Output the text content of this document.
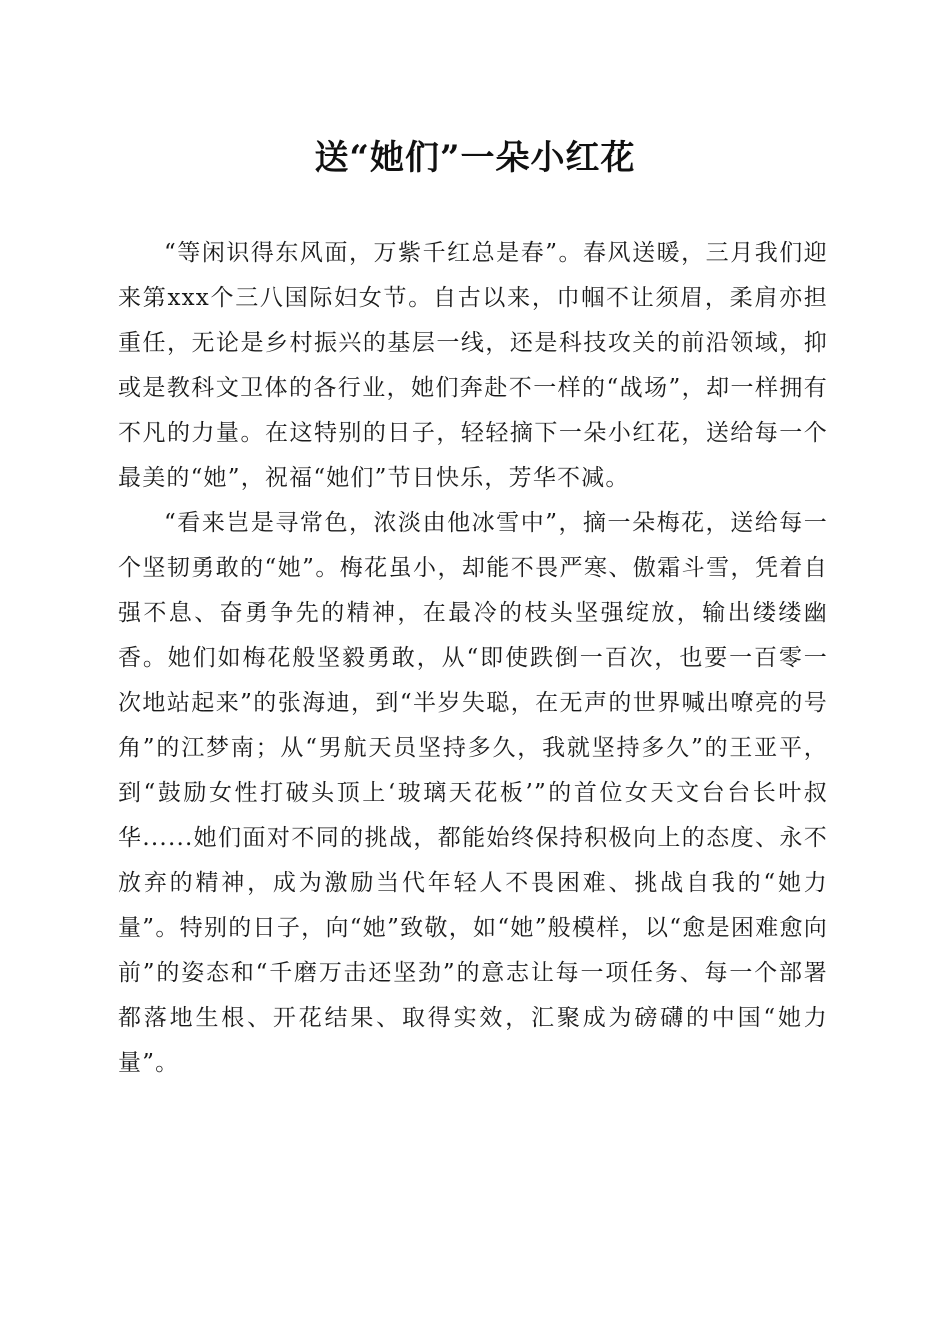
送“她们”一朵小红花

“等闲识得东风面，万紫千红总是春”。春风送暖，三月我们迎来第xxx个三八国际妇女节。自古以来，巾帼不让须眉，柔肩亦担重任，无论是乡村振兴的基层一线，还是科技攻关的前沿领域，抑或是教科文卫体的各行业，她们奔赴不一样的“战场”，却一样拥有不凡的力量。在这特别的日子，轻轻摘下一朵小红花，送给每一个最美的“她”，祝福“她们”节日快乐，芳华不减。

“看来岂是寻常色，浓淡由他冰雪中”，摘一朵梅花，送给每一个坚韧勇敢的“她”。梅花虽小，却能不畏严寒、傲霜斗雪，凭着自强不息、奋勇争先的精神，在最冷的枝头坚强绽放，输出缕缕幽香。她们如梅花般坚毅勇敢，从“即使跌倒一百次，也要一百零一次地站起来”的张海迪，到“半岁失聪，在无声的世界喊出嘹亮的号角”的江梦南；从“男航天员坚持多久，我就坚持多久”的王亚平，到“鼓励女性打破头顶上‘玻璃天花板’”的首位女天文台台长叶叔华......她们面对不同的挑战，都能始终保持积极向上的态度、永不放弃的精神，成为激励当代年轻人不畏困难、挑战自我的“她力量”。特别的日子，向“她”致敬，如“她”般模样，以“愈是困难愈向前”的姿态和“千磨万击还坚劲”的意志让每一项任务、每一个部署都落地生根、开花结果、取得实效，汇聚成为磅礴的中国“她力量”。
